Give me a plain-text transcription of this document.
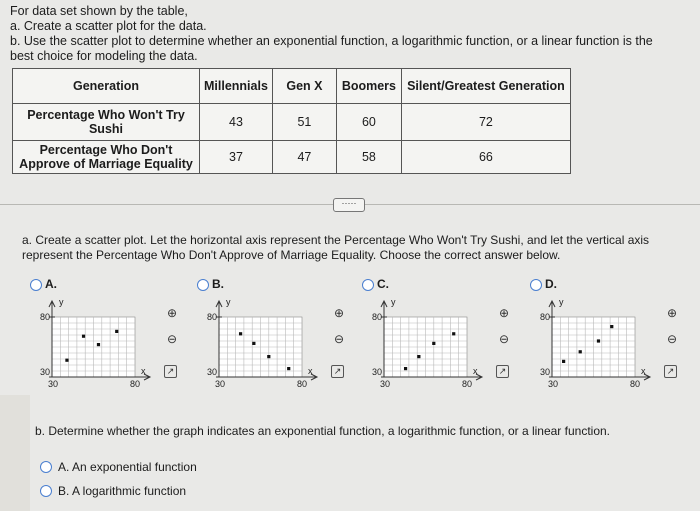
For data set shown by the table,
a. Create a scatter plot for the data.
b. Use the scatter plot to determine whether an exponential function, a logarithmic function, or a linear function is the
best choice for modeling the data.
Generation	Millennials	Gen X	Boomers	Silent/Greatest Generation
Percentage Who Won't Try Sushi	43	51	60	72
Percentage Who Don't Approve of Marriage Equality	37	47	58	66
·····
a. Create a scatter plot. Let the horizontal axis represent the Percentage Who Won't Try Sushi, and let the vertical axis represent the Percentage Who Don't Approve of Marriage Equality. Choose the correct answer below.
A.
80
30
30	80
y
x
⊕
⊖
↗
B.
80
30
30	80
y
x
⊕
⊖
↗
C.
80
30
30	80
y
x
⊕
⊖
↗
D.
80
30
30	80
y
x
⊕
⊖
↗
b. Determine whether the graph indicates an exponential function, a logarithmic function, or a linear function.
A. An exponential function
B. A logarithmic function
